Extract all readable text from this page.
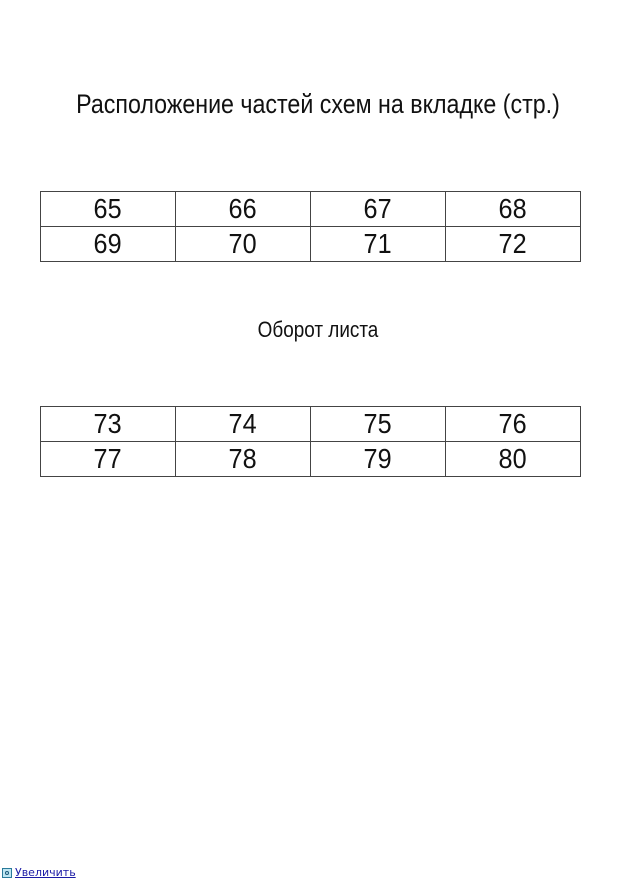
Расположение частей схем на вкладке (стр.)
65	66	67	68
69	70	71	72
Оборот листа
73	74	75	76
77	78	79	80
Увеличить
